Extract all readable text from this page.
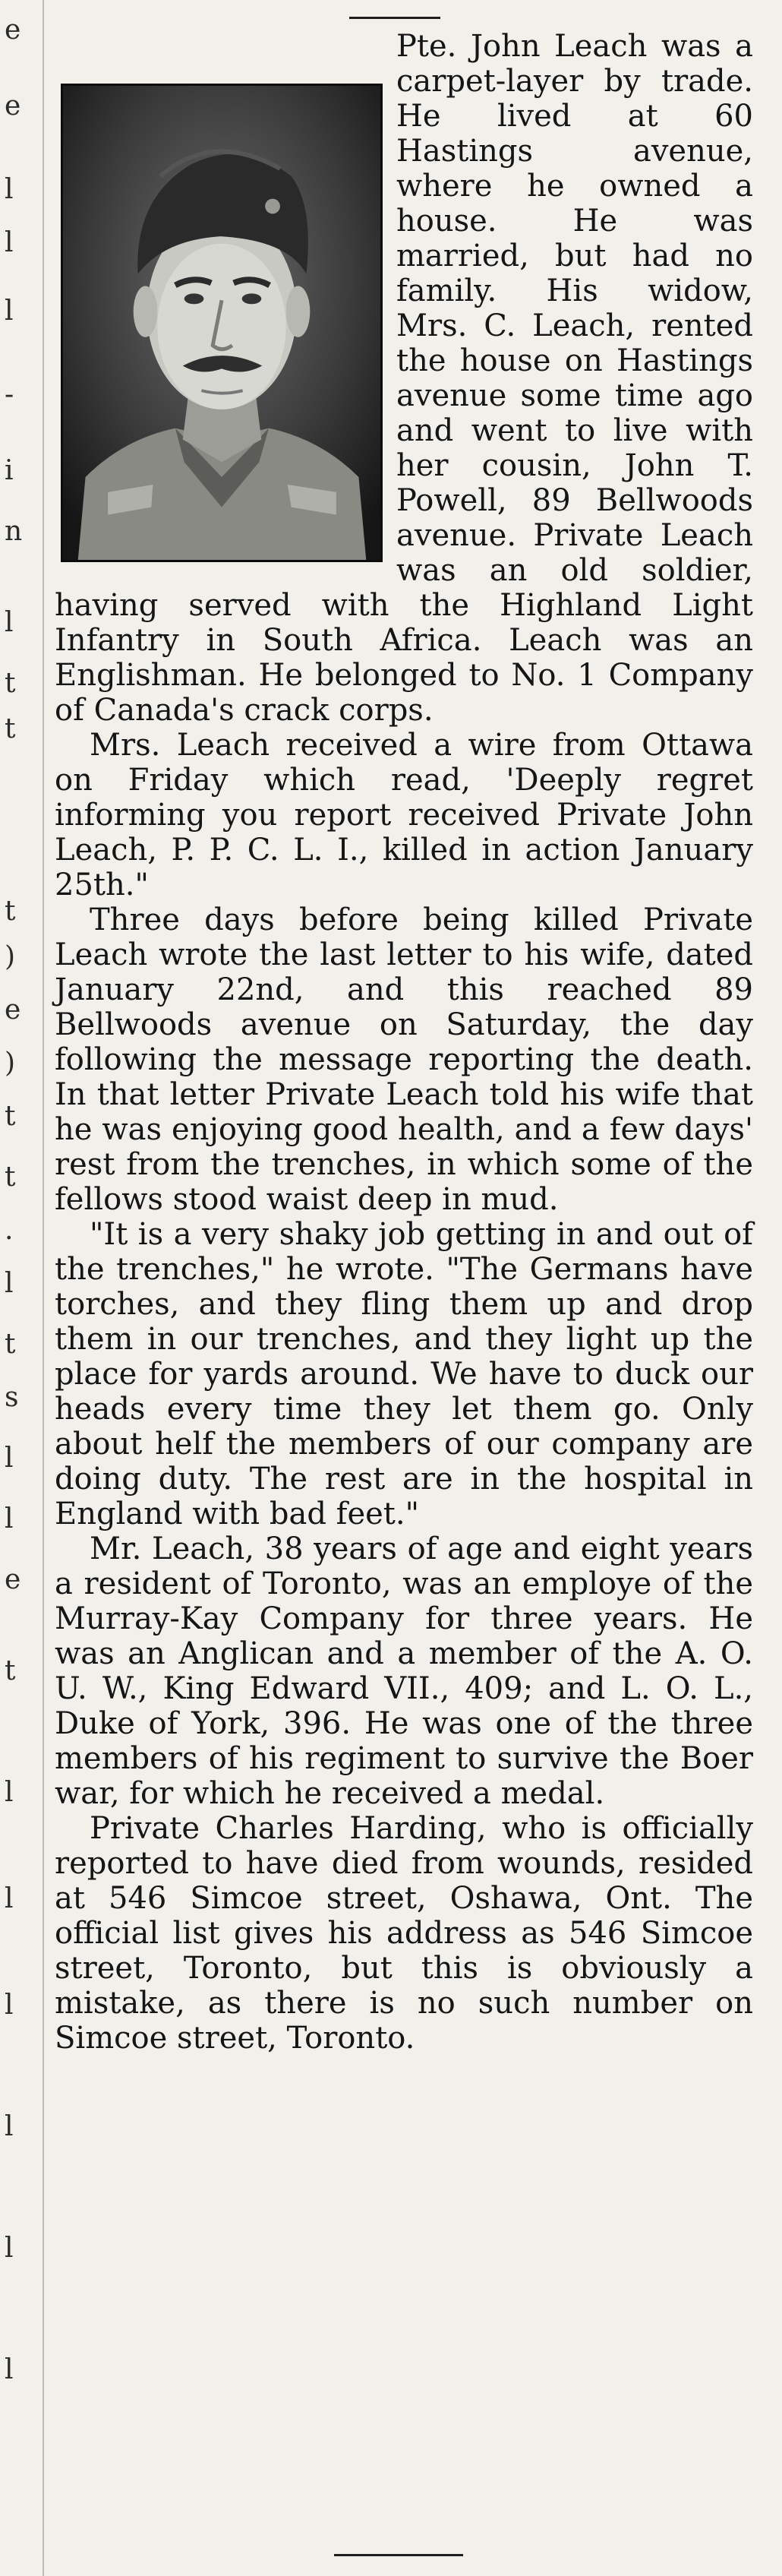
e
e
l
l
l
-
i
n
l
t
t
t
)
e
)
t
t
.
l
t
s
l
l
e
t
l
l
l
l
l
l

Pte. John Leach was a carpet-layer by trade. He lived at 60 Hastings avenue, where he owned a house. He was married, but had no family. His widow, Mrs. C. Leach, rented the house on Hastings avenue some time ago and went to live with her cousin, John T. Powell, 89 Bellwoods avenue. Private Leach was an old soldier, having served with the Highland Light Infantry in South Africa. Leach was an Englishman. He belonged to No. 1 Company of Canada's crack corps.

Mrs. Leach received a wire from Ottawa on Friday which read, 'Deeply regret informing you report received Private John Leach, P. P. C. L. I., killed in action January 25th."

Three days before being killed Private Leach wrote the last letter to his wife, dated January 22nd, and this reached 89 Bellwoods avenue on Saturday, the day following the message reporting the death. In that letter Private Leach told his wife that he was enjoying good health, and a few days' rest from the trenches, in which some of the fellows stood waist deep in mud.

"It is a very shaky job getting in and out of the trenches," he wrote. "The Germans have torches, and they fling them up and drop them in our trenches, and they light up the place for yards around. We have to duck our heads every time they let them go. Only about helf the members of our company are doing duty. The rest are in the hospital in England with bad feet."

Mr. Leach, 38 years of age and eight years a resident of Toronto, was an employe of the Murray-Kay Company for three years. He was an Anglican and a member of the A. O. U. W., King Edward VII., 409; and L. O. L., Duke of York, 396. He was one of the three members of his regiment to survive the Boer war, for which he received a medal.

Private Charles Harding, who is officially reported to have died from wounds, resided at 546 Simcoe street, Oshawa, Ont. The official list gives his address as 546 Simcoe street, Toronto, but this is obviously a mistake, as there is no such number on Simcoe street, Toronto.
